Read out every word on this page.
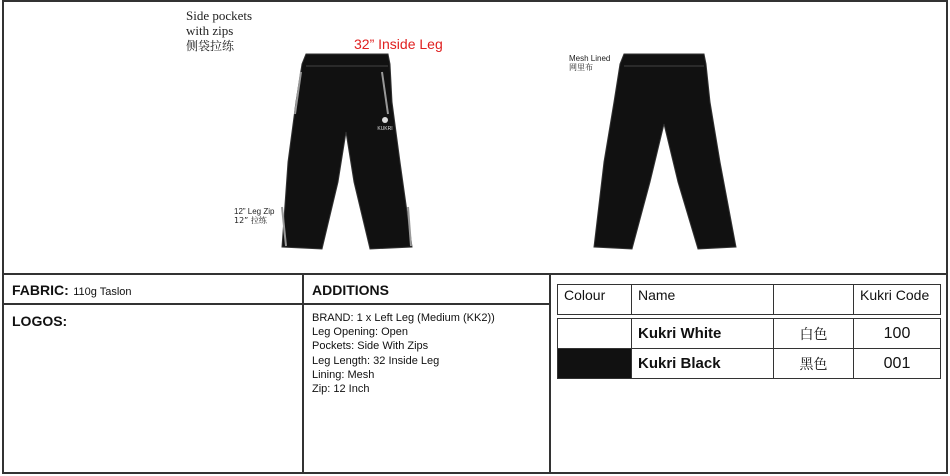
KUKRI
Side pockets
with zips
侧袋拉练	32” Inside Leg
12” Leg Zip
12” 拉练
Mesh Lined
网里布
FABRIC: 110g Taslon
LOGOS:
ADDITIONS
BRAND: 1 x Left Leg (Medium (KK2))
Leg Opening: Open
Pockets: Side With Zips
Leg Length: 32 Inside Leg
Lining: Mesh
Zip: 12 Inch
Colour	Name		Kukri Code

	Kukri White	白色	100
	Kukri Black	黑色	001
